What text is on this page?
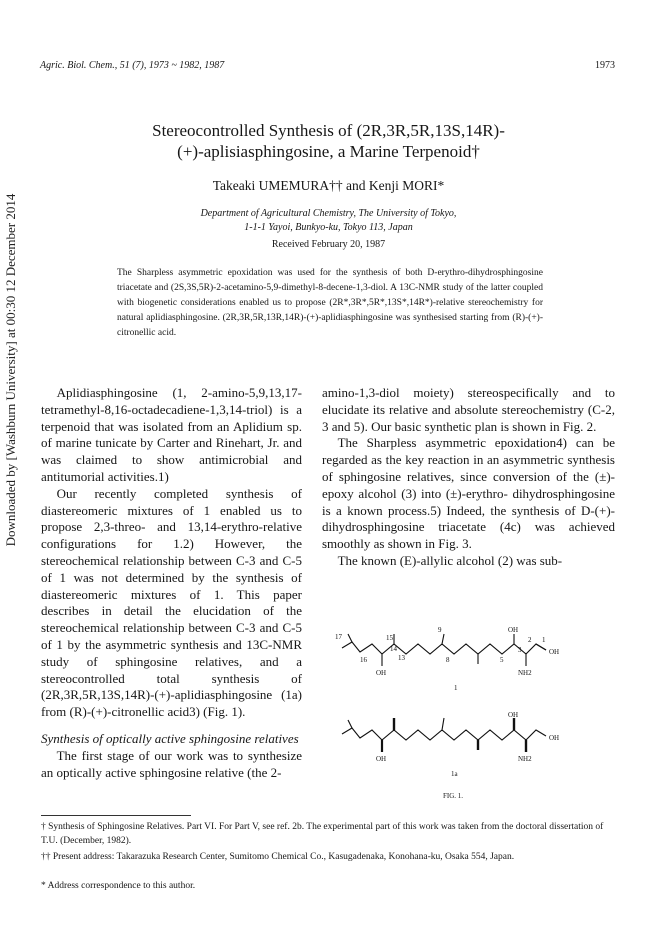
Agric. Biol. Chem., 51 (7), 1973 ~ 1982, 1987	1973
Downloaded by [Washburn University] at 00:30 12 December 2014
Stereocontrolled Synthesis of (2R,3R,5R,13S,14R)-
(+)-aplisiasphingosine, a Marine Terpenoid†
Takeaki UMEMURA†† and Kenji MORI*
Department of Agricultural Chemistry, The University of Tokyo,
1-1-1 Yayoi, Bunkyo-ku, Tokyo 113, Japan
Received February 20, 1987
The Sharpless asymmetric epoxidation was used for the synthesis of both D-erythro-dihydrosphingosine triacetate and (2S,3S,5R)-2-acetamino-5,9-dimethyl-8-decene-1,3-diol. A 13C-NMR study of the latter coupled with biogenetic considerations enabled us to propose (2R*,3R*,5R*,13S*,14R*)-relative stereochemistry for natural aplidiasphingosine. (2R,3R,5R,13R,14R)-(+)-aplidiasphingosine was synthesised starting from (R)-(+)-citronellic acid.

Aplidiasphingosine (1, 2-amino-5,9,13,17-tetramethyl-8,16-octadecadiene-1,3,14-triol) is a terpenoid that was isolated from an Aplidium sp. of marine tunicate by Carter and Rinehart, Jr. and was claimed to show antimicrobial and antitumorial activities.1)

Our recently completed synthesis of diastereomeric mixtures of 1 enabled us to propose 2,3-threo- and 13,14-erythro-relative configurations for 1.2) However, the stereochemical relationship between C-3 and C-5 of 1 was not determined by the synthesis of diastereomeric mixtures of 1. This paper describes in detail the elucidation of the stereochemical relationship between C-3 and C-5 of 1 by the asymmetric synthesis and 13C-NMR study of sphingosine relatives, and a stereocontrolled total synthesis of (2R,3R,5R,13S,14R)-(+)-aplidiasphingosine (1a) from (R)-(+)-citronellic acid3) (Fig. 1).

Synthesis of optically active sphingosine relatives

The first stage of our work was to synthesize an optically active sphingosine relative (the 2-

amino-1,3-diol moiety) stereospecifically and to elucidate its relative and absolute stereochemistry (C-2, 3 and 5). Our basic synthetic plan is shown in Fig. 2.

The Sharpless asymmetric epoxidation4) can be regarded as the key reaction in an asymmetric synthesis of sphingosine relatives, since conversion of the (±)-epoxy alcohol (3) into (±)-erythro- dihydrosphingosine is a known process.5) Indeed, the synthesis of D-(+)-dihydrosphingosine triacetate (4c) was achieved smoothly as shown in Fig. 3.

The known (E)-allylic alcohol (2) was sub-

17
16
15
14
13
9
8	5
3
2 1
OH
OH
OH
NH2
1
OH
OH
OH
NH2
1a
FIG. 1.
† Synthesis of Sphingosine Relatives. Part VI. For Part V, see ref. 2b. The experimental part of this work was taken from the doctoral dissertation of T.U. (December, 1982).
†† Present address: Takarazuka Research Center, Sumitomo Chemical Co., Kasugadenaka, Konohana-ku, Osaka 554, Japan.
* Address correspondence to this author.
